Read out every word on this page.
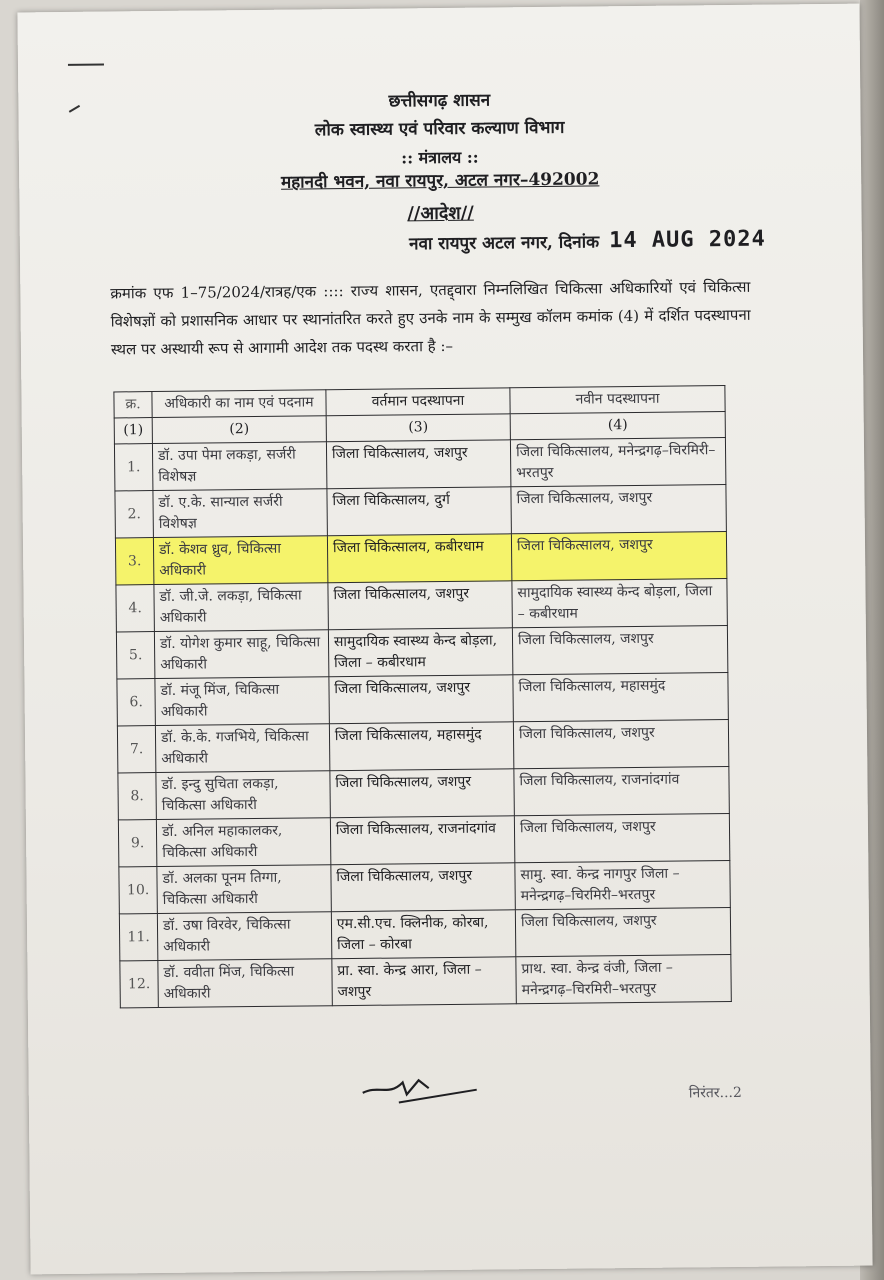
छत्तीसगढ़ शासन
लोक स्वास्थ्य एवं परिवार कल्याण विभाग
:: मंत्रालय ::
महानदी भवन, नवा रायपुर, अटल नगर–492002
//आदेश//
नवा रायपुर अटल नगर, दिनांक 14 AUG 2024
क्रमांक एफ 1–75/2024/रात्रह/एक :::: राज्य शासन, एतद्द्वारा निम्नलिखित चिकित्सा अधिकारियों एवं चिकित्सा विशेषज्ञों को प्रशासनिक आधार पर स्थानांतरित करते हुए उनके नाम के सम्मुख कॉलम कमांक (4) में दर्शित पदस्थापना स्थल पर अस्थायी रूप से आगामी आदेश तक पदस्थ करता है :–
क्र.	अधिकारी का नाम एवं पदनाम	वर्तमान पदस्थापना	नवीन पदस्थापना
(1)	(2)	(3)	(4)
1.	डॉ. उपा पेमा लकड़ा, सर्जरी विशेषज्ञ	जिला चिकित्सालय, जशपुर	जिला चिकित्सालय, मनेन्द्रगढ़–चिरमिरी–भरतपुर
2.	डॉ. ए.के. सान्याल सर्जरी विशेषज्ञ	जिला चिकित्सालय, दुर्ग	जिला चिकित्सालय, जशपुर
3.	डॉ. केशव ध्रुव, चिकित्सा अधिकारी	जिला चिकित्सालय, कबीरधाम	जिला चिकित्सालय, जशपुर
4.	डॉ. जी.जे. लकड़ा, चिकित्सा अधिकारी	जिला चिकित्सालय, जशपुर	सामुदायिक स्वास्थ्य केन्द बोड़ला, जिला – कबीरधाम
5.	डॉ. योगेश कुमार साहू, चिकित्सा अधिकारी	सामुदायिक स्वास्थ्य केन्द बोड़ला, जिला – कबीरधाम	जिला चिकित्सालय, जशपुर
6.	डॉ. मंजू मिंज, चिकित्सा अधिकारी	जिला चिकित्सालय, जशपुर	जिला चिकित्सालय, महासमुंद
7.	डॉ. के.के. गजभिये, चिकित्सा अधिकारी	जिला चिकित्सालय, महासमुंद	जिला चिकित्सालय, जशपुर
8.	डॉ. इन्दु सुचिता लकड़ा, चिकित्सा अधिकारी	जिला चिकित्सालय, जशपुर	जिला चिकित्सालय, राजनांदगांव
9.	डॉ. अनिल महाकालकर, चिकित्सा अधिकारी	जिला चिकित्सालय, राजनांदगांव	जिला चिकित्सालय, जशपुर
10.	डॉ. अलका पूनम तिग्गा, चिकित्सा अधिकारी	जिला चिकित्सालय, जशपुर	सामु. स्वा. केन्द्र नागपुर जिला – मनेन्द्रगढ़–चिरमिरी–भरतपुर
11.	डॉ. उषा विरवेर, चिकित्सा अधिकारी	एम.सी.एच. क्लिनीक, कोरबा, जिला – कोरबा	जिला चिकित्सालय, जशपुर
12.	डॉ. ववीता मिंज, चिकित्सा अधिकारी	प्रा. स्वा. केन्द्र आरा, जिला – जशपुर	प्राथ. स्वा. केन्द्र वंजी, जिला – मनेन्द्रगढ़–चिरमिरी–भरतपुर
निरंतर...2
